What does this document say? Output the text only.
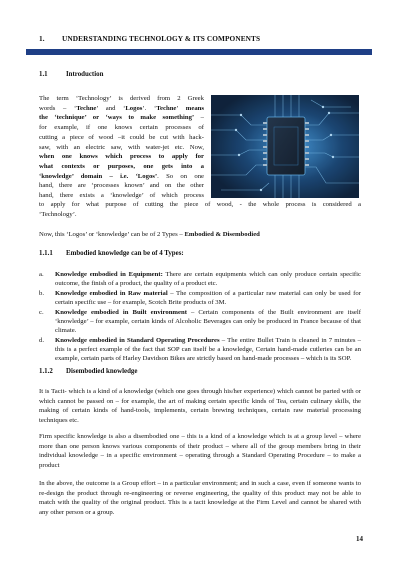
1. UNDERSTANDING TECHNOLOGY & ITS COMPONENTS
1.1	Introduction
The term ‘Technology’ is derived from 2 Greek
words – ‘Techne’ and ‘Logos’. ‘Techne’ means
the ‘technique’ or ‘ways to make something’ –
for example, if one knows certain processes of
cutting a piece of wood –it could be cut with hack-
saw, with an electric saw, with water-jet etc. Now,
when one knows which process to apply for
what contexts or purposes, one gets into a
‘knowledge’ domain – i.e. ‘Logos’. So on one
hand, there are ‘processes known’ and on the other
hand, there exists a ‘knowledge’ of which process
to apply for what purpose of cutting the piece of wood, - the whole process is considered a
‘Technology’.
Now, this ‘Logos’ or ‘knowledge’ can be of 2 Types – Embodied & Disembodied
1.1.1 Embodied knowledge can be of 4 Types:
a. Knowledge embodied in Equipment: There are certain equipments which can only produce certain specific outcome, the finish of a product, the quality of a product etc.
b. Knowledge embodied in Raw material – The composition of a particular raw material can only be used for certain specific use – for example, Scotch Brite products of 3M.
c. Knowledge embodied in Built environment – Certain components of the Built environment are itself ‘knowledge’ – for example, certain kinds of Alcoholic Beverages can only be produced in France because of that climate.
d. Knowledge embodied in Standard Operating Procedures – The entire Bullet Train is cleaned in 7 minutes – this is a perfect example of the fact that SOP can itself be a knowledge, Certain hand-made cutleries can be an example, certain parts of Harley Davidson Bikes are strictly based on hand-made processes – which is its SOP.
1.1.2 Disembodied knowledge
It is Tacit- which is a kind of a knowledge (which one goes through his/her experience) which cannot be parted with or which cannot be passed on – for example, the art of making certain specific kinds of Tea, certain culinary skills, the making of certain kinds of hand-tools, implements, certain brewing techniques, certain raw material processing techniques etc.
Firm specific knowledge is also a disembodied one – this is a kind of a knowledge which is at a group level – where more than one person knows various components of their product – where all of the group members bring in their individual knowledge – in a specific environment – operating through a Standard Operating Procedure – to make a product
In the above, the outcome is a Group effort – in a particular environment; and in such a case, even if someone wants to re-design the product through re-engineering or reverse engineering, the quality of this product may not be able to match with the quality of the original product. This is a tacit knowledge at the Firm Level and cannot be shared with any other person or a group.
14
